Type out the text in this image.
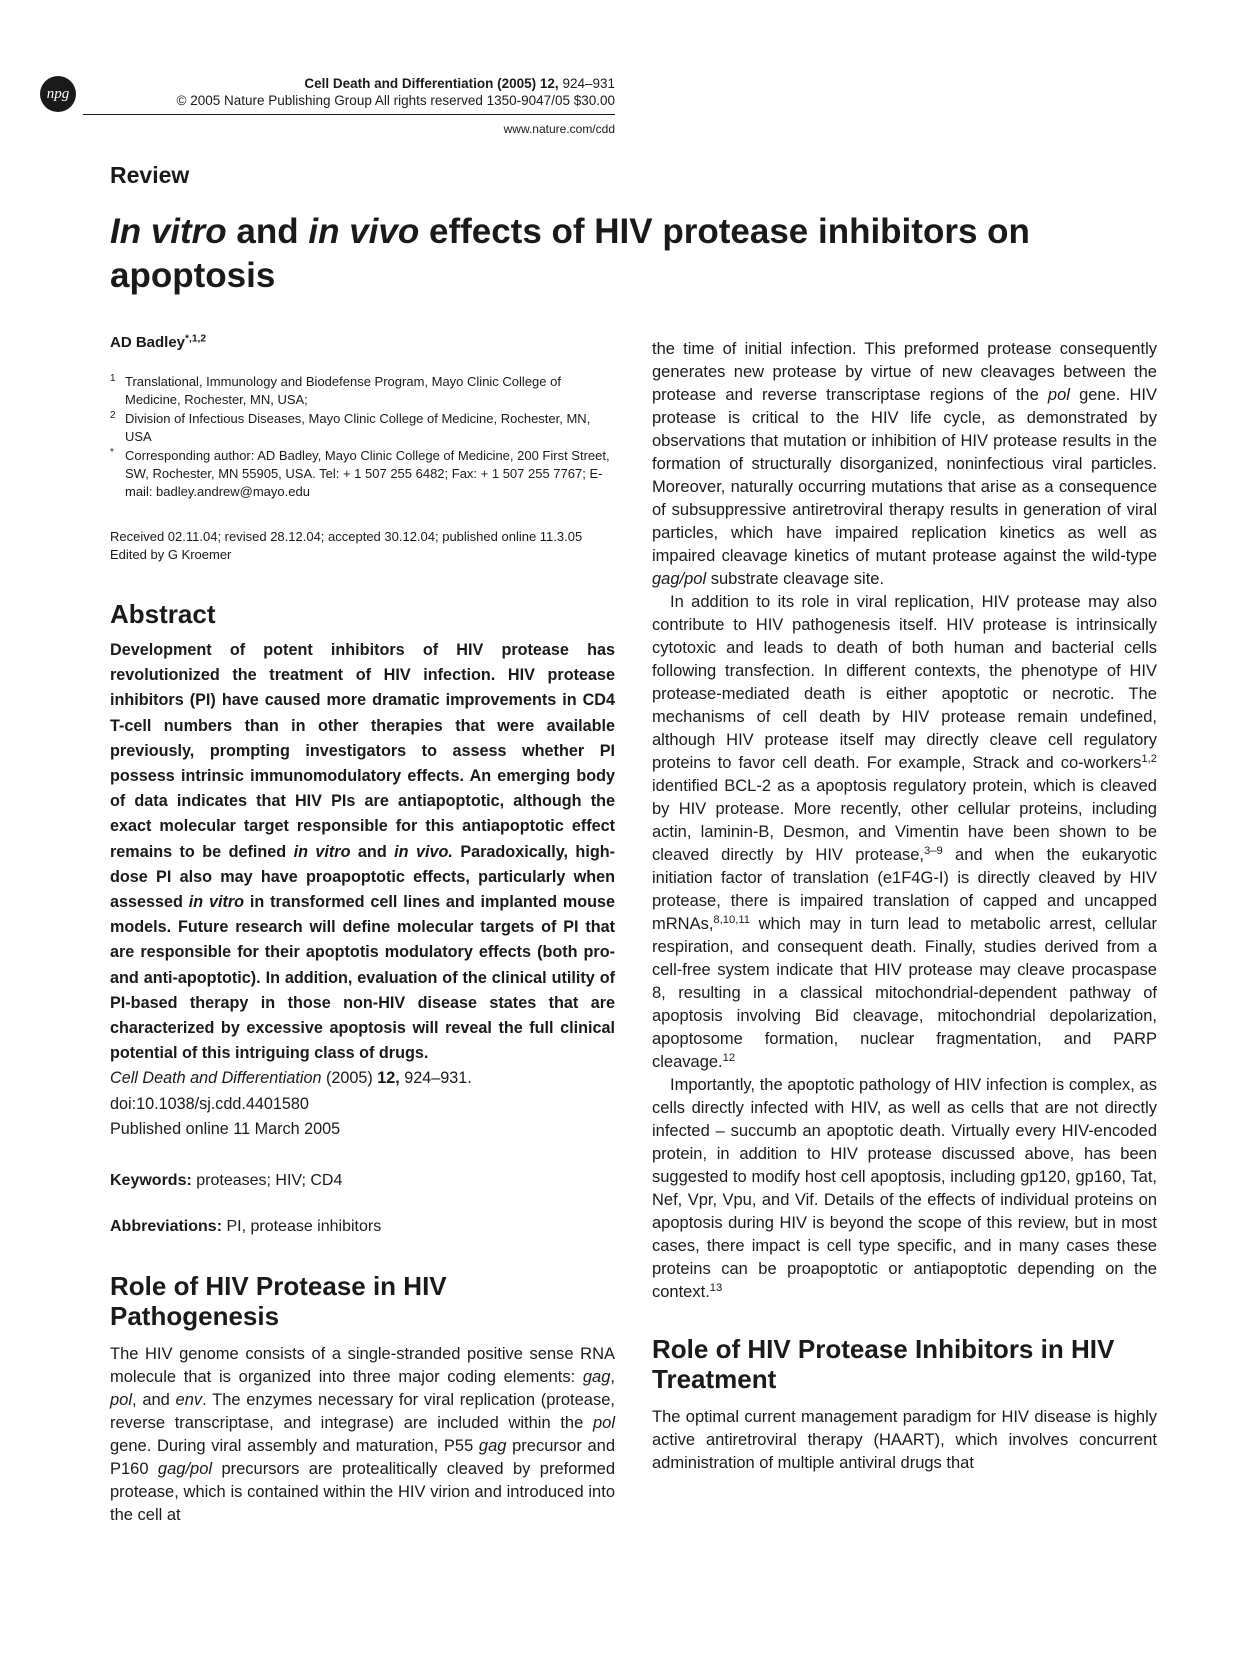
npg
Cell Death and Differentiation (2005) 12, 924–931
© 2005 Nature Publishing Group All rights reserved 1350-9047/05 $30.00
www.nature.com/cdd
Review
In vitro and in vivo effects of HIV protease inhibitors on apoptosis

AD Badley$^{*,1,2}$

1 Translational, Immunology and Biodefense Program, Mayo Clinic College of Medicine, Rochester, MN, USA;
2 Division of Infectious Diseases, Mayo Clinic College of Medicine, Rochester, MN, USA
* Corresponding author: AD Badley, Mayo Clinic College of Medicine, 200 First Street, SW, Rochester, MN 55905, USA. Tel: + 1 507 255 6482; Fax: + 1 507 255 7767; E-mail: badley.andrew@mayo.edu

Received 02.11.04; revised 28.12.04; accepted 30.12.04; published online 11.3.05
Edited by G Kroemer

Abstract

Development of potent inhibitors of HIV protease has revolutionized the treatment of HIV infection. HIV protease inhibitors (PI) have caused more dramatic improvements in CD4 T-cell numbers than in other therapies that were available previously, prompting investigators to assess whether PI possess intrinsic immunomodulatory effects. An emerging body of data indicates that HIV PIs are antiapoptotic, although the exact molecular target responsible for this antiapoptotic effect remains to be defined in vitro and in vivo. Paradoxically, high-dose PI also may have proapoptotic effects, particularly when assessed in vitro in transformed cell lines and implanted mouse models. Future research will define molecular targets of PI that are responsible for their apoptotis modulatory effects (both pro- and anti-apoptotic). In addition, evaluation of the clinical utility of PI-based therapy in those non-HIV disease states that are characterized by excessive apoptosis will reveal the full clinical potential of this intriguing class of drugs.

Cell Death and Differentiation (2005) 12, 924–931.

doi:10.1038/sj.cdd.4401580

Published online 11 March 2005

Keywords: proteases; HIV; CD4

Abbreviations: PI, protease inhibitors

Role of HIV Protease in HIV Pathogenesis

The HIV genome consists of a single-stranded positive sense RNA molecule that is organized into three major coding elements: gag, pol, and env. The enzymes necessary for viral replication (protease, reverse transcriptase, and integrase) are included within the pol gene. During viral assembly and maturation, P55 gag precursor and P160 gag/pol precursors are protealitically cleaved by preformed protease, which is contained within the HIV virion and introduced into the cell at

the time of initial infection. This preformed protease consequently generates new protease by virtue of new cleavages between the protease and reverse transcriptase regions of the pol gene. HIV protease is critical to the HIV life cycle, as demonstrated by observations that mutation or inhibition of HIV protease results in the formation of structurally disorganized, noninfectious viral particles. Moreover, naturally occurring mutations that arise as a consequence of subsuppressive antiretroviral therapy results in generation of viral particles, which have impaired replication kinetics as well as impaired cleavage kinetics of mutant protease against the wild-type gag/pol substrate cleavage site.

In addition to its role in viral replication, HIV protease may also contribute to HIV pathogenesis itself. HIV protease is intrinsically cytotoxic and leads to death of both human and bacterial cells following transfection. In different contexts, the phenotype of HIV protease-mediated death is either apoptotic or necrotic. The mechanisms of cell death by HIV protease remain undefined, although HIV protease itself may directly cleave cell regulatory proteins to favor cell death. For example, Strack and co-workers$^{1,2}$ identified BCL-2 as a apoptosis regulatory protein, which is cleaved by HIV protease. More recently, other cellular proteins, including actin, laminin-B, Desmon, and Vimentin have been shown to be cleaved directly by HIV protease,$^{3-9}$ and when the eukaryotic initiation factor of translation (e1F4G-I) is directly cleaved by HIV protease, there is impaired translation of capped and uncapped mRNAs,$^{8,10,11}$ which may in turn lead to metabolic arrest, cellular respiration, and consequent death. Finally, studies derived from a cell-free system indicate that HIV protease may cleave procaspase 8, resulting in a classical mitochondrial-dependent pathway of apoptosis involving Bid cleavage, mitochondrial depolarization, apoptosome formation, nuclear fragmentation, and PARP cleavage.$^{12}$

Importantly, the apoptotic pathology of HIV infection is complex, as cells directly infected with HIV, as well as cells that are not directly infected – succumb an apoptotic death. Virtually every HIV-encoded protein, in addition to HIV protease discussed above, has been suggested to modify host cell apoptosis, including gp120, gp160, Tat, Nef, Vpr, Vpu, and Vif. Details of the effects of individual proteins on apoptosis during HIV is beyond the scope of this review, but in most cases, there impact is cell type specific, and in many cases these proteins can be proapoptotic or antiapoptotic depending on the context.$^{13}$

Role of HIV Protease Inhibitors in HIV Treatment

The optimal current management paradigm for HIV disease is highly active antiretroviral therapy (HAART), which involves concurrent administration of multiple antiviral drugs that
